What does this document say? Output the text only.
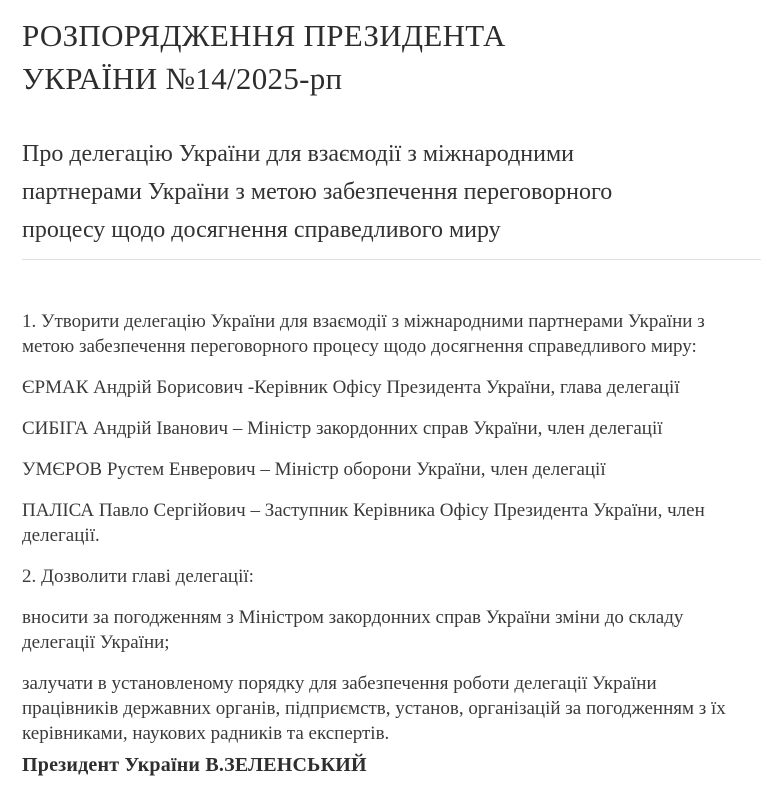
РОЗПОРЯДЖЕННЯ ПРЕЗИДЕНТА
УКРАЇНИ №14/2025-рп
Про делегацію України для взаємодії з міжнародними
партнерами України з метою забезпечення переговорного
процесу щодо досягнення справедливого миру

1. Утворити делегацію України для взаємодії з міжнародними партнерами України з
метою забезпечення переговорного процесу щодо досягнення справедливого миру:

ЄРМАК Андрій Борисович -Керівник Офісу Президента України, глава делегації

СИБІГА Андрій Іванович – Міністр закордонних справ України, член делегації

УМЄРОВ Рустем Енверович – Міністр оборони України, член делегації

ПАЛІСА Павло Сергійович – Заступник Керівника Офісу Президента України, член
делегації.

2. Дозволити главі делегації:

вносити за погодженням з Міністром закордонних справ України зміни до складу
делегації України;

залучати в установленому порядку для забезпечення роботи делегації України
працівників державних органів, підприємств, установ, організацій за погодженням з їх
керівниками, наукових радників та експертів.

Президент України В.ЗЕЛЕНСЬКИЙ
